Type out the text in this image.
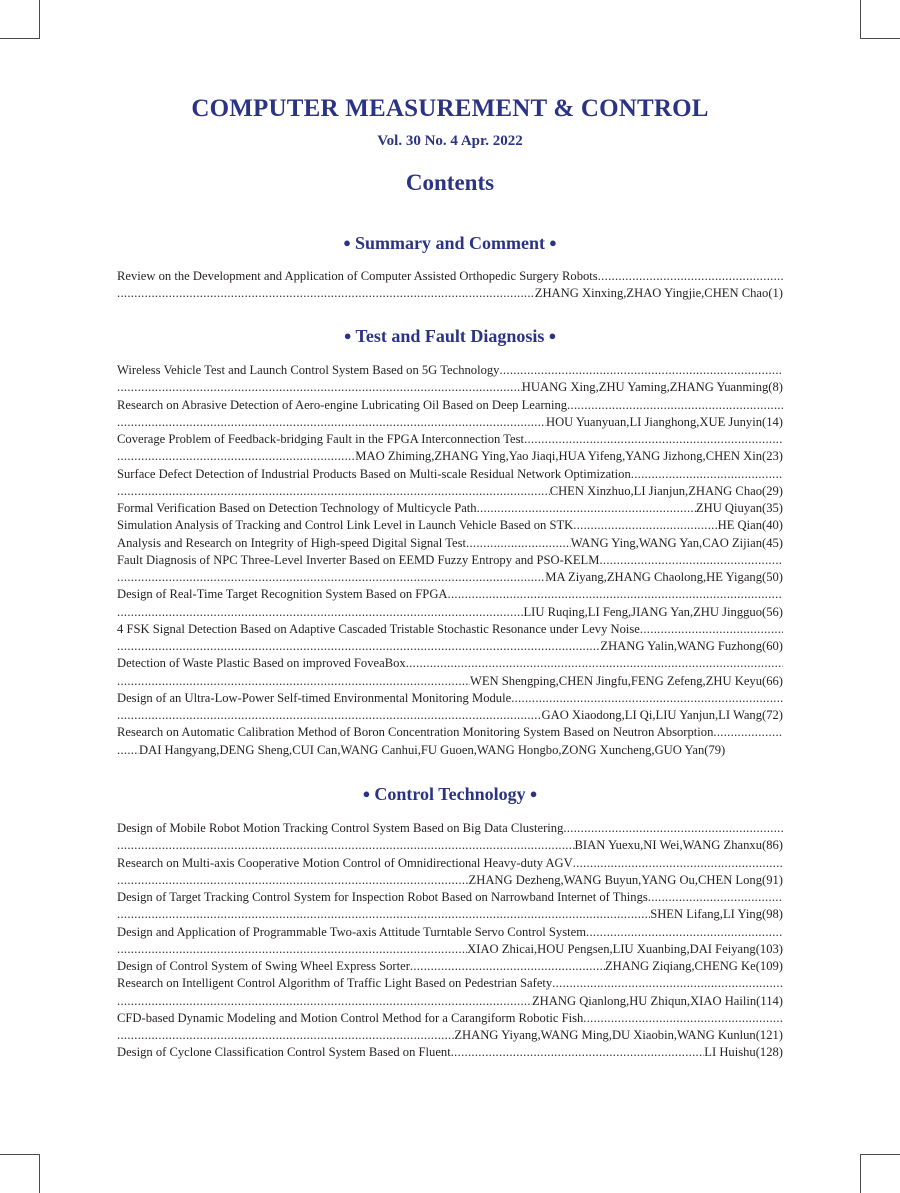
COMPUTER MEASUREMENT & CONTROL
Vol. 30 No. 4 Apr. 2022
Contents
● Summary and Comment ●
Review on the Development and Application of Computer Assisted Orthopedic Surgery Robots
.....
.....
ZHANG Xinxing,ZHAO Yingjie,CHEN Chao(1)
● Test and Fault Diagnosis ●
Wireless Vehicle Test and Launch Control System Based on 5G Technology
.....
.....
HUANG Xing,ZHU Yaming,ZHANG Yuanming(8)
Research on Abrasive Detection of Aero-engine Lubricating Oil Based on Deep Learning
.....
.....
HOU Yuanyuan,LI Jianghong,XUE Junyin(14)
Coverage Problem of Feedback-bridging Fault in the FPGA Interconnection Test
.....
.....
MAO Zhiming,ZHANG Ying,Yao Jiaqi,HUA Yifeng,YANG Jizhong,CHEN Xin(23)
Surface Defect Detection of Industrial Products Based on Multi-scale Residual Network Optimization
.....
.....
CHEN Xinzhuo,LI Jianjun,ZHANG Chao(29)
Formal Verification Based on Detection Technology of Multicycle Path .....	ZHU Qiuyan(35)
Simulation Analysis of Tracking and Control Link Level in Launch Vehicle Based on STK .....	HE Qian(40)
Analysis and Research on Integrity of High-speed Digital Signal Test .....	WANG Ying,WANG Yan,CAO Zijian(45)
Fault Diagnosis of NPC Three-Level Inverter Based on EEMD Fuzzy Entropy and PSO-KELM
.....
.....
MA Ziyang,ZHANG Chaolong,HE Yigang(50)
Design of Real-Time Target Recognition System Based on FPGA
.....
.....
LIU Ruqing,LI Feng,JIANG Yan,ZHU Jingguo(56)
4 FSK Signal Detection Based on Adaptive Cascaded Tristable Stochastic Resonance under Levy Noise
.....
.....
ZHANG Yalin,WANG Fuzhong(60)
Detection of Waste Plastic Based on improved FoveaBox
.....
.....
WEN Shengping,CHEN Jingfu,FENG Zefeng,ZHU Keyu(66)
Design of an Ultra-Low-Power Self-timed Environmental Monitoring Module
.....
.....
GAO Xiaodong,LI Qi,LIU Yanjun,LI Wang(72)
Research on Automatic Calibration Method of Boron Concentration Monitoring System Based on Neutron Absorption
.....
.....
DAI Hangyang,DENG Sheng,CUI Can,WANG Canhui,FU Guoen,WANG Hongbo,ZONG Xuncheng,GUO Yan(79)
● Control Technology ●
Design of Mobile Robot Motion Tracking Control System Based on Big Data Clustering
.....
.....
BIAN Yuexu,NI Wei,WANG Zhanxu(86)
Research on Multi-axis Cooperative Motion Control of Omnidirectional Heavy-duty AGV
.....
.....
ZHANG Dezheng,WANG Buyun,YANG Ou,CHEN Long(91)
Design of Target Tracking Control System for Inspection Robot Based on Narrowband Internet of Things
.....
.....
SHEN Lifang,LI Ying(98)
Design and Application of Programmable Two-axis Attitude Turntable Servo Control System
.....
.....
XIAO Zhicai,HOU Pengsen,LIU Xuanbing,DAI Feiyang(103)
Design of Control System of Swing Wheel Express Sorter .....	ZHANG Ziqiang,CHENG Ke(109)
Research on Intelligent Control Algorithm of Traffic Light Based on Pedestrian Safety
.....
.....
ZHANG Qianlong,HU Zhiqun,XIAO Hailin(114)
CFD-based Dynamic Modeling and Motion Control Method for a Carangiform Robotic Fish
.....
.....
ZHANG Yiyang,WANG Ming,DU Xiaobin,WANG Kunlun(121)
Design of Cyclone Classification Control System Based on Fluent .....	LI Huishu(128)
